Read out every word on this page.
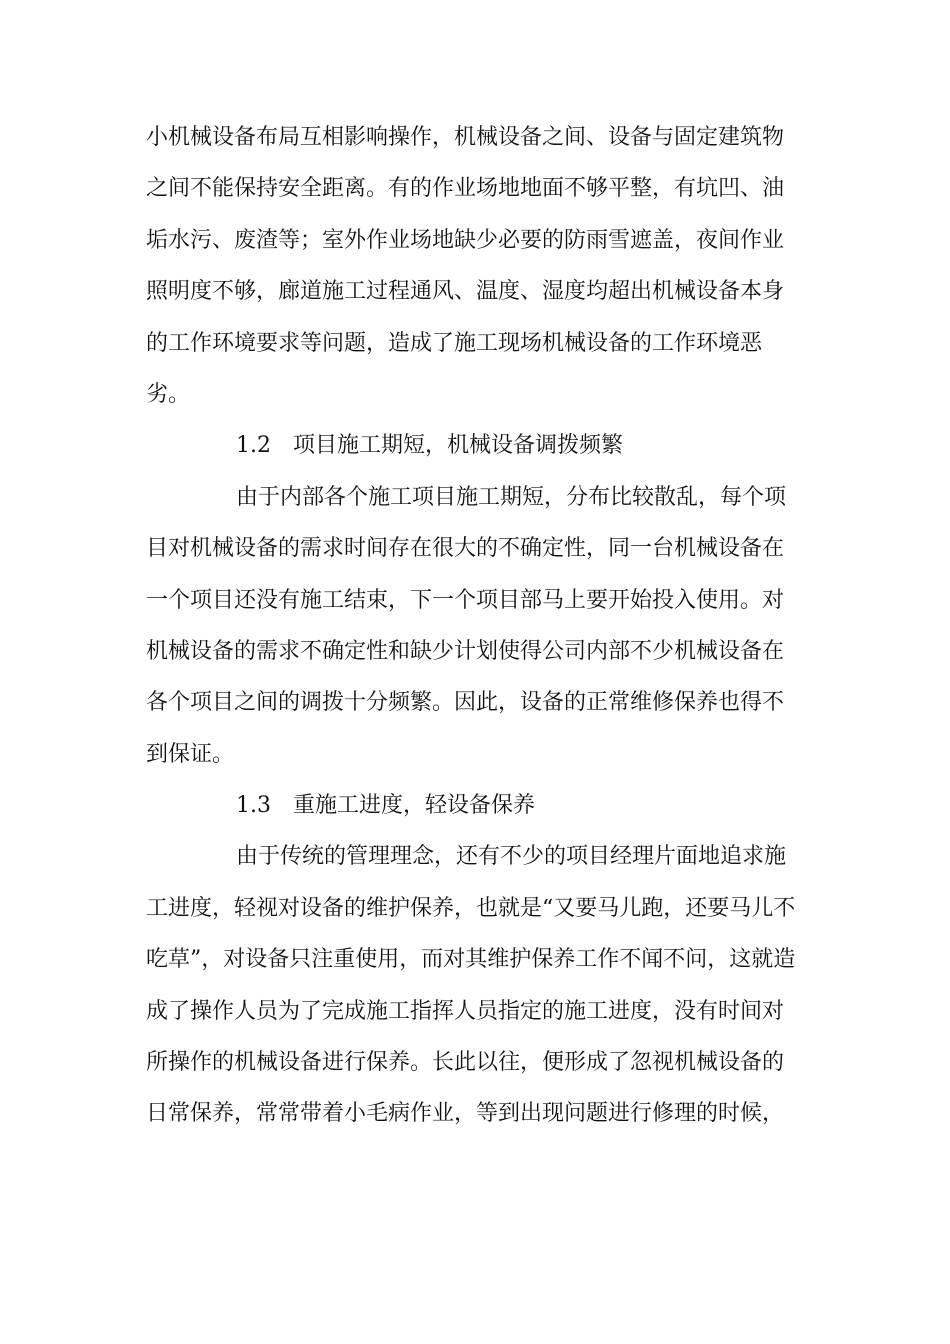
小机械设备布局互相影响操作，机械设备之间、设备与固定建筑物
之间不能保持安全距离。有的作业场地地面不够平整，有坑凹、油
垢水污、废渣等；室外作业场地缺少必要的防雨雪遮盖，夜间作业
照明度不够，廊道施工过程通风、温度、湿度均超出机械设备本身
的工作环境要求等问题，造成了施工现场机械设备的工作环境恶
劣。
1.2　项目施工期短，机械设备调拨频繁
由于内部各个施工项目施工期短，分布比较散乱，每个项
目对机械设备的需求时间存在很大的不确定性，同一台机械设备在
一个项目还没有施工结束，下一个项目部马上要开始投入使用。对
机械设备的需求不确定性和缺少计划使得公司内部不少机械设备在
各个项目之间的调拨十分频繁。因此，设备的正常维修保养也得不
到保证。
1.3　重施工进度，轻设备保养
由于传统的管理理念，还有不少的项目经理片面地追求施
工进度，轻视对设备的维护保养，也就是“又要马儿跑，还要马儿不
吃草”，对设备只注重使用，而对其维护保养工作不闻不问，这就造
成了操作人员为了完成施工指挥人员指定的施工进度，没有时间对
所操作的机械设备进行保养。长此以往，便形成了忽视机械设备的
日常保养，常常带着小毛病作业，等到出现问题进行修理的时候，
